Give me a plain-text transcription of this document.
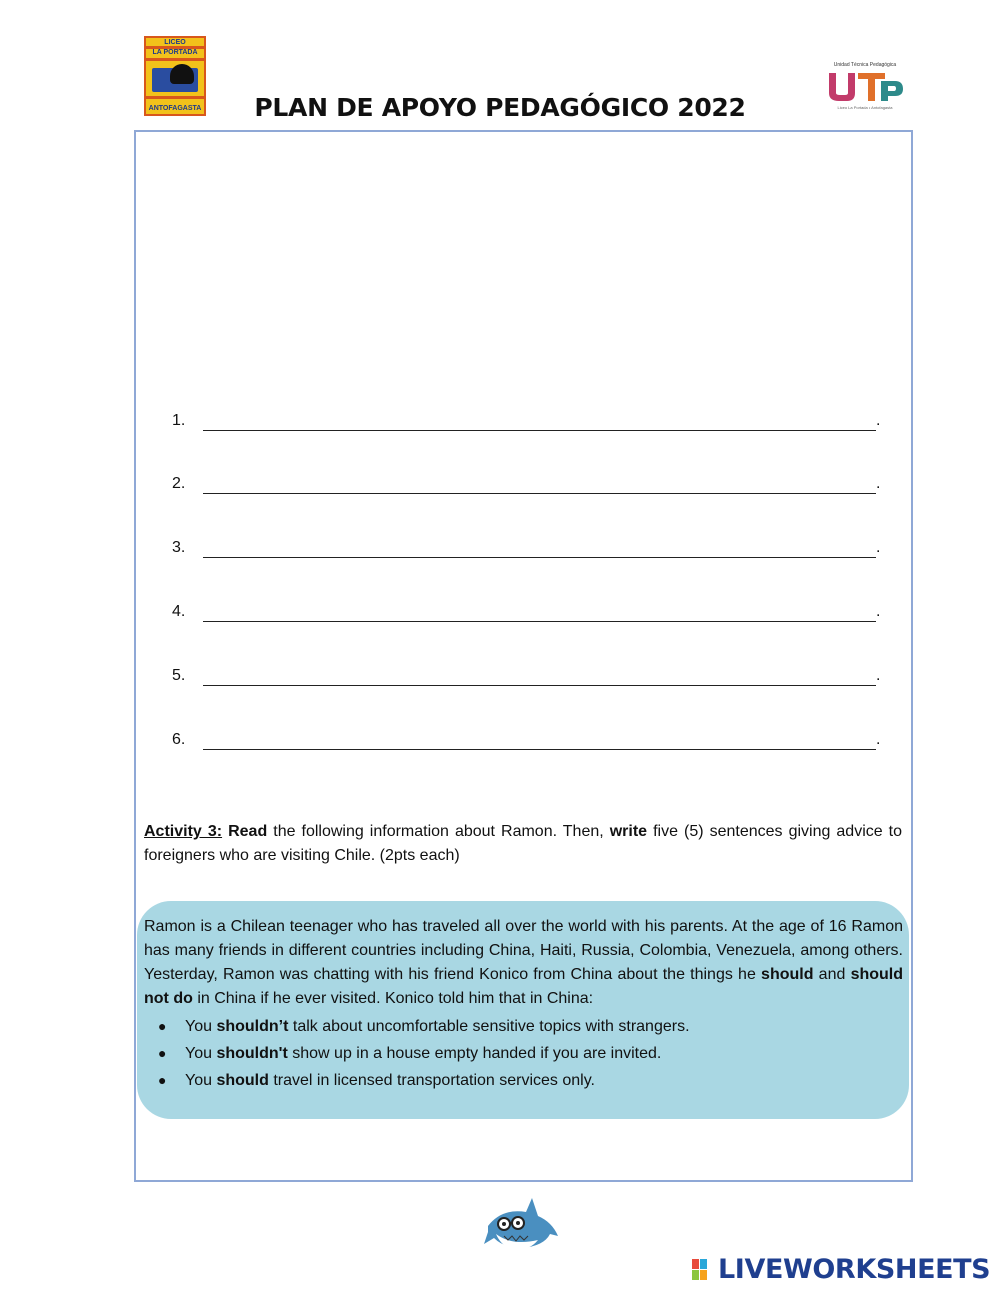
LICEO
LA PORTADA
ANTOFAGASTA	PLAN DE APOYO PEDAGÓGICO 2022
Unidad Técnica Pedagógica
Liceo La Portada • Antofagasta
1.	.
2.	.
3.	.
4.	.
5.	.
6.	.
Activity 3: Read the following information about Ramon. Then, write five (5) sentences giving advice to foreigners who are visiting Chile. (2pts each)

Ramon is a Chilean teenager who has traveled all over the world with his parents. At the age of 16 Ramon has many friends in different countries including China, Haiti, Russia, Colombia, Venezuela, among others. Yesterday, Ramon was chatting with his friend Konico from China about the things he should and should not do in China if he ever visited. Konico told him that in China:

● You shouldn’t talk about uncomfortable sensitive topics with strangers.
● You shouldn't show up in a house empty handed if you are invited.
● You should travel in licensed transportation services only.
LIVEWORKSHEETS
